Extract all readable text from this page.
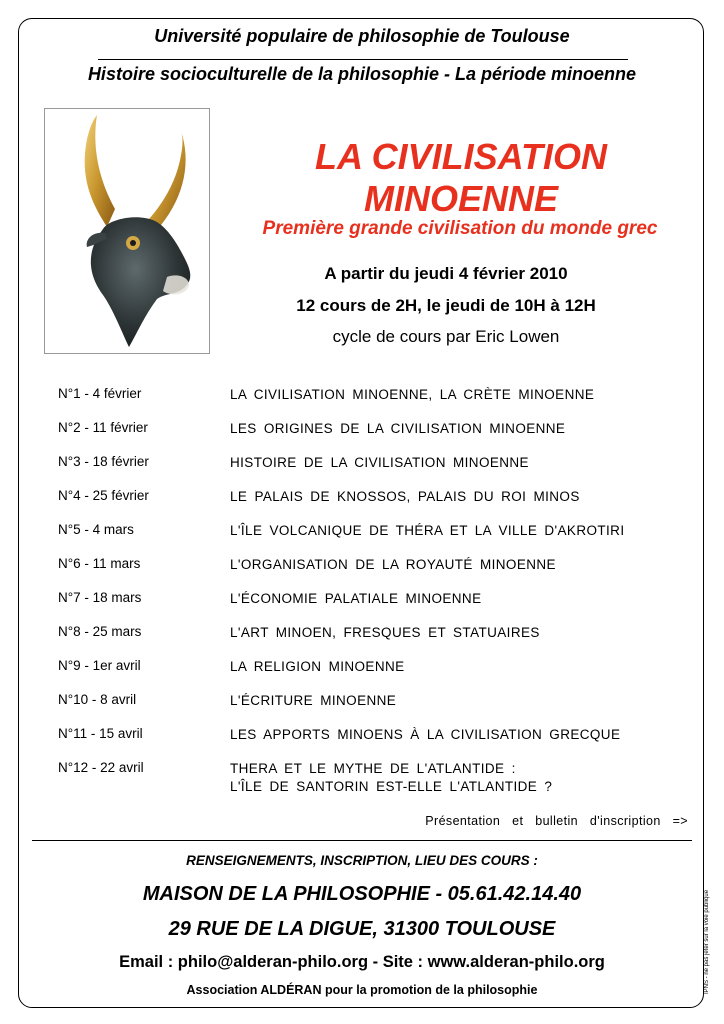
Université populaire de philosophie de Toulouse
Histoire socioculturelle de la philosophie - La période minoenne
LA CIVILISATION
MINOENNE
Première grande civilisation du monde grec
A partir du jeudi 4 février 2010
12 cours de 2H, le jeudi de 10H à 12H
cycle de cours par Eric Lowen
N°1 - 4 février	LA CIVILISATION MINOENNE, LA CRÈTE MINOENNE
N°2 - 11 février	LES ORIGINES DE LA CIVILISATION MINOENNE
N°3 - 18 février	HISTOIRE DE LA CIVILISATION MINOENNE
N°4 - 25 février	LE PALAIS DE KNOSSOS, PALAIS DU ROI MINOS
N°5 - 4 mars	L'ÎLE VOLCANIQUE DE THÉRA ET LA VILLE D'AKROTIRI
N°6 - 11 mars	L'ORGANISATION DE LA ROYAUTÉ MINOENNE
N°7 - 18 mars	L'ÉCONOMIE PALATIALE MINOENNE
N°8 - 25 mars	L'ART MINOEN, FRESQUES ET STATUAIRES
N°9 - 1er avril	LA RELIGION MINOENNE
N°10 - 8 avril	L'ÉCRITURE MINOENNE
N°11 - 15 avril	LES APPORTS MINOENS À LA CIVILISATION GRECQUE
N°12 - 22 avril	THERA ET LE MYTHE DE L'ATLANTIDE :
L'ÎLE DE SANTORIN EST-ELLE L'ATLANTIDE ?
Présentation et bulletin d'inscription =>
RENSEIGNEMENTS, INSCRIPTION, LIEU DES COURS :
MAISON DE LA PHILOSOPHIE - 05.61.42.14.40
29 RUE DE LA DIGUE, 31300 TOULOUSE
Email : philo@alderan-philo.org - Site : www.alderan-philo.org
Association ALDÉRAN pour la promotion de la philosophie	IPNS - ne pas jeter sur la voie publique
